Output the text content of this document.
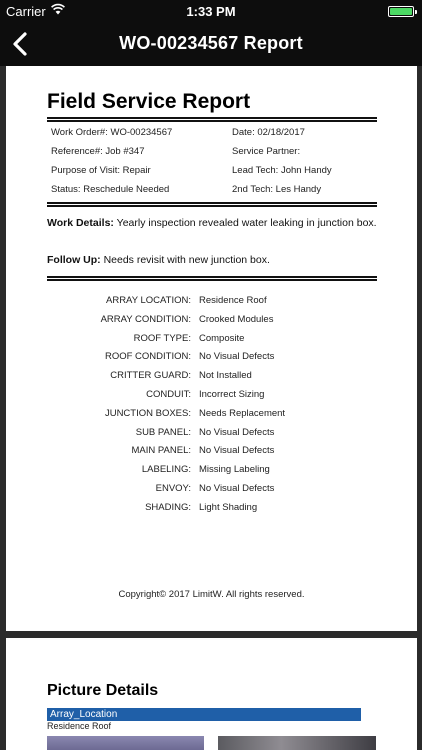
Carrier	1:33 PM
WO-00234567 Report
Field Service Report
Work Order#: WO-00234567	Date: 02/18/2017
Reference#: Job #347	Service Partner:
Purpose of Visit: Repair	Lead Tech: John Handy
Status: Reschedule Needed	2nd Tech: Les Handy
Work Details: Yearly inspection revealed water leaking in junction box.
Follow Up: Needs revisit with new junction box.
ARRAY LOCATION: Residence Roof
ARRAY CONDITION: Crooked Modules
ROOF TYPE: Composite
ROOF CONDITION: No Visual Defects
CRITTER GUARD: Not Installed
CONDUIT: Incorrect Sizing
JUNCTION BOXES: Needs Replacement
SUB PANEL: No Visual Defects
MAIN PANEL: No Visual Defects
LABELING: Missing Labeling
ENVOY: No Visual Defects
SHADING: Light Shading
Copyright© 2017 LimitW. All rights reserved.
Picture Details
Array_Location
Residence Roof
